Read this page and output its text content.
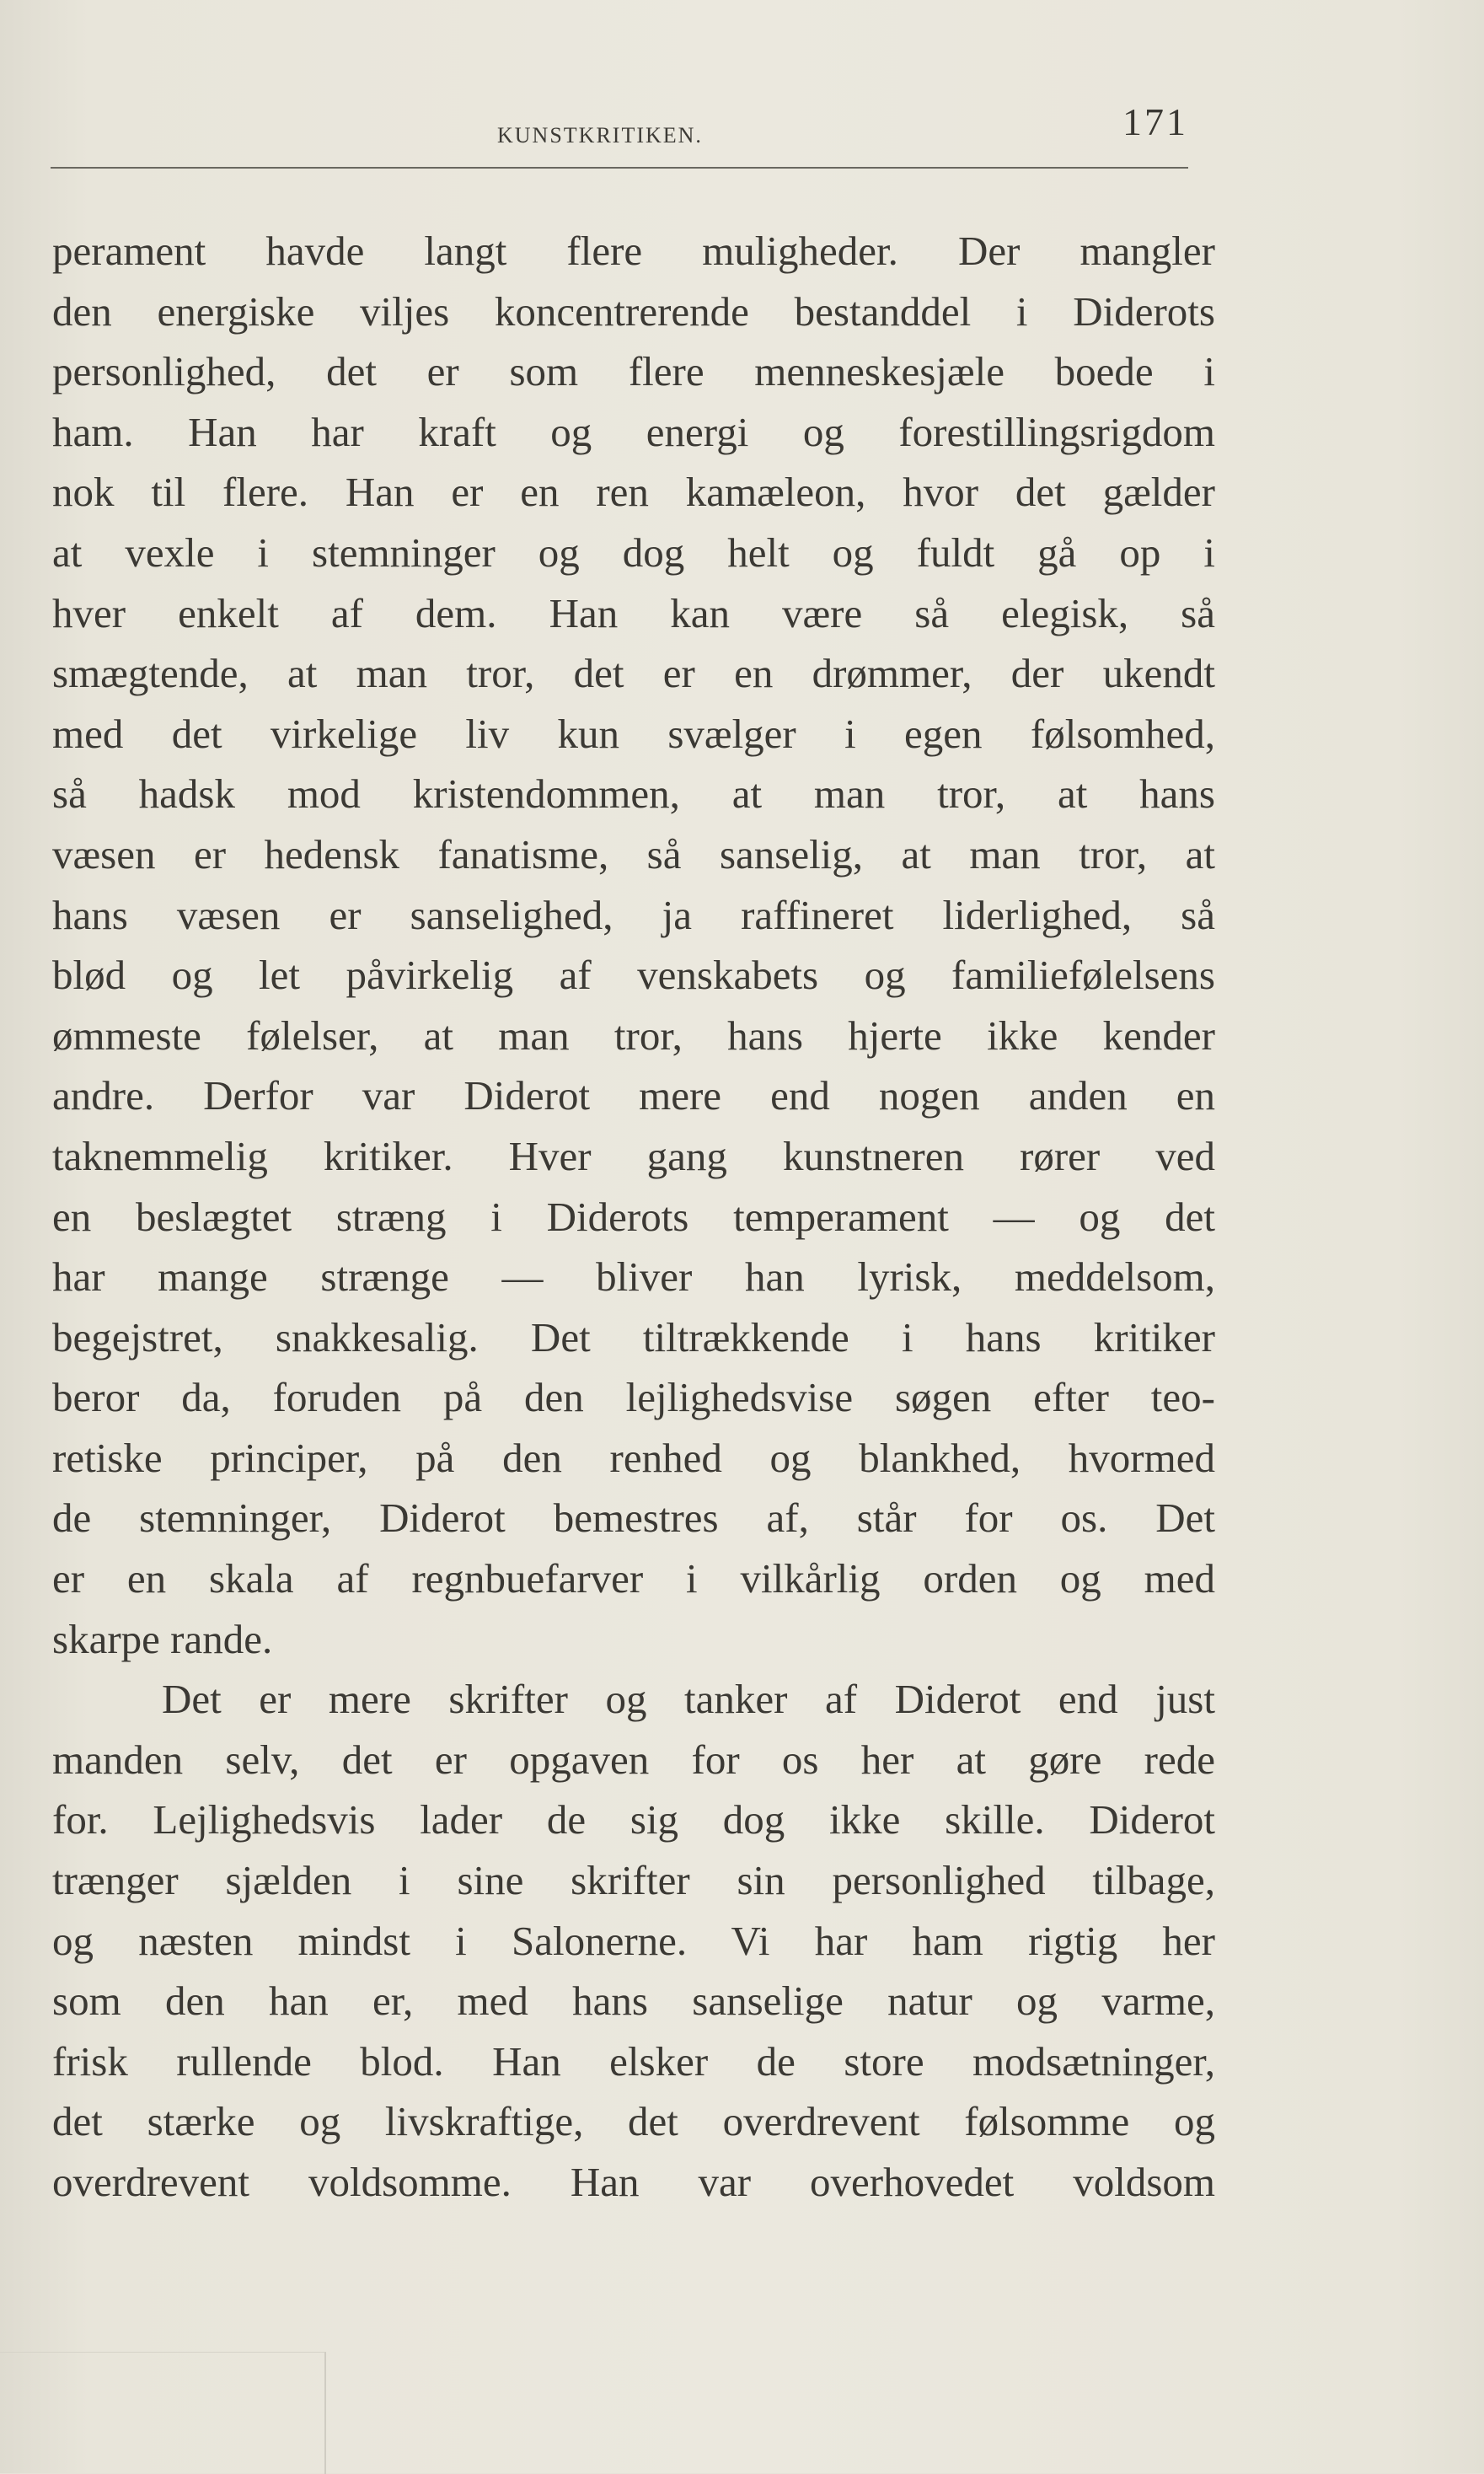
KUNSTKRITIKEN.	171
perament havde langt flere muligheder. Der mangler
den energiske viljes koncentrerende bestanddel i Diderots
personlighed, det er som flere menneskesjæle boede i
ham. Han har kraft og energi og forestillingsrigdom
nok til flere. Han er en ren kamæleon, hvor det gælder
at vexle i stemninger og dog helt og fuldt gå op i
hver enkelt af dem. Han kan være så elegisk, så
smægtende, at man tror, det er en drømmer, der ukendt
med det virkelige liv kun svælger i egen følsomhed,
så hadsk mod kristendommen, at man tror, at hans
væsen er hedensk fanatisme, så sanselig, at man tror, at
hans væsen er sanselighed, ja raffineret liderlighed, så
blød og let påvirkelig af venskabets og familiefølelsens
ømmeste følelser, at man tror, hans hjerte ikke kender
andre. Derfor var Diderot mere end nogen anden en
taknemmelig kritiker. Hver gang kunstneren rører ved
en beslægtet stræng i Diderots temperament — og det
har mange strænge — bliver han lyrisk, meddelsom,
begejstret, snakkesalig. Det tiltrækkende i hans kritiker
beror da, foruden på den lejlighedsvise søgen efter teo-
retiske principer, på den renhed og blankhed, hvormed
de stemninger, Diderot bemestres af, står for os. Det
er en skala af regnbuefarver i vilkårlig orden og med
skarpe rande.
Det er mere skrifter og tanker af Diderot end just
manden selv, det er opgaven for os her at gøre rede
for. Lejlighedsvis lader de sig dog ikke skille. Diderot
trænger sjælden i sine skrifter sin personlighed tilbage,
og næsten mindst i Salonerne. Vi har ham rigtig her
som den han er, med hans sanselige natur og varme,
frisk rullende blod. Han elsker de store modsætninger,
det stærke og livskraftige, det overdrevent følsomme og
overdrevent voldsomme. Han var overhovedet voldsom
